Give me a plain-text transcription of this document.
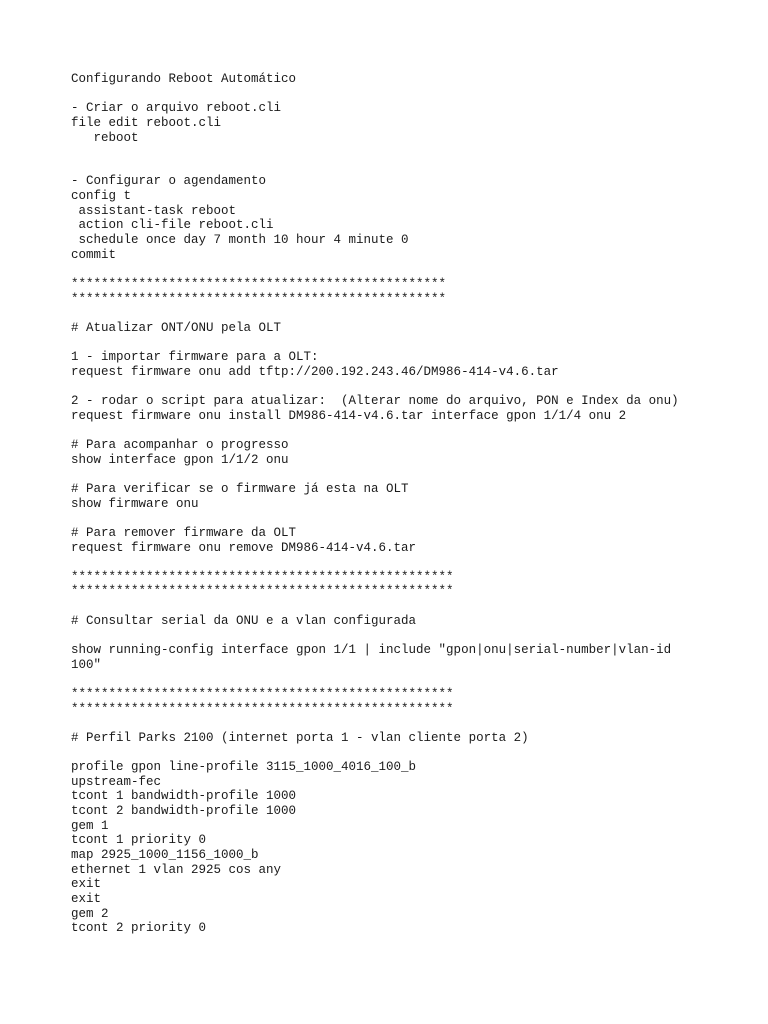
Configurando Reboot Automático
- Criar o arquivo reboot.cli
file edit reboot.cli
reboot
- Configurar o agendamento
config t
assistant-task reboot
action cli-file reboot.cli
schedule once day 7 month 10 hour 4 minute 0
commit
**************************************************
**************************************************
# Atualizar ONT/ONU pela OLT
1 - importar firmware para a OLT:
request firmware onu add tftp://200.192.243.46/DM986-414-v4.6.tar
2 - rodar o script para atualizar:  (Alterar nome do arquivo, PON e Index da onu)
request firmware onu install DM986-414-v4.6.tar interface gpon 1/1/4 onu 2
# Para acompanhar o progresso
show interface gpon 1/1/2 onu
# Para verificar se o firmware já esta na OLT
show firmware onu
# Para remover firmware da OLT
request firmware onu remove DM986-414-v4.6.tar
***************************************************
***************************************************
# Consultar serial da ONU e a vlan configurada
show running-config interface gpon 1/1 | include "gpon|onu|serial-number|vlan-id
100"
***************************************************
***************************************************
# Perfil Parks 2100 (internet porta 1 - vlan cliente porta 2)
profile gpon line-profile 3115_1000_4016_100_b
upstream-fec
tcont 1 bandwidth-profile 1000
tcont 2 bandwidth-profile 1000
gem 1
tcont 1 priority 0
map 2925_1000_1156_1000_b
ethernet 1 vlan 2925 cos any
exit
exit
gem 2
tcont 2 priority 0
